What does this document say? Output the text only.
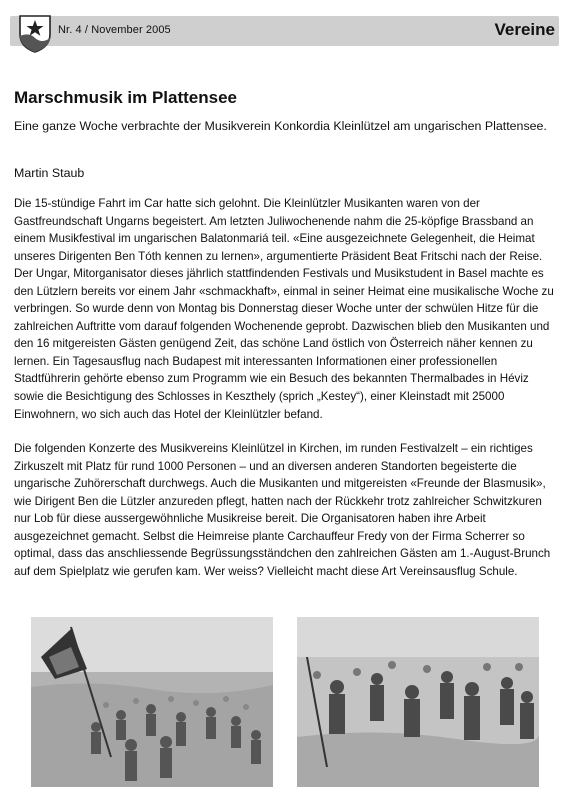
Nr. 4 / November 2005	Vereine
Marschmusik im Plattensee

Eine ganze Woche verbrachte der Musikverein Konkordia Kleinlützel am ungarischen Plattensee.

Martin Staub

Die 15-stündige Fahrt im Car hatte sich gelohnt. Die Kleinlützler Musikanten waren von der Gastfreundschaft Ungarns begeistert. Am letzten Juliwochenende nahm die 25-köpfige Brassband an einem Musikfestival im ungarischen Balatonmariá teil. «Eine ausgezeichnete Gelegenheit, die Heimat unseres Dirigenten Ben Tóth kennen zu lernen», argumentierte Präsident Beat Fritschi nach der Reise. Der Ungar, Mitorganisator dieses jährlich stattfindenden Festivals und Musikstudent in Basel machte es den Lützlern bereits vor einem Jahr «schmackhaft», einmal in seiner Heimat eine musikalische Woche zu verbringen. So wurde denn von Montag bis Donnerstag dieser Woche unter der schwülen Hitze für die zahlreichen Auftritte vom darauf folgenden Wochenende geprobt. Dazwischen blieb den Musikanten und den 16 mitgereisten Gästen genügend Zeit, das schöne Land östlich von Österreich näher kennen zu lernen. Ein Tagesausflug nach Budapest mit interessanten Informationen einer professionellen Stadtführerin gehörte ebenso zum Programm wie ein Besuch des bekannten Thermalbades in Héviz sowie die Besichtigung des Schlosses in Keszthely (sprich „Kestey“), einer Kleinstadt mit 25000 Einwohnern, wo sich auch das Hotel der Kleinlützler befand.

Die folgenden Konzerte des Musikvereins Kleinlützel in Kirchen, im runden Festivalzelt – ein richtiges Zirkuszelt mit Platz für rund 1000 Personen – und an diversen anderen Standorten begeisterte die ungarische Zuhörerschaft durchwegs. Auch die Musikanten und mitgereisten «Freunde der Blasmusik», wie Dirigent Ben die Lützler anzureden pflegt, hatten nach der Rückkehr trotz zahlreicher Schwitzkuren nur Lob für diese aussergewöhnliche Musikreise bereit. Die Organisatoren haben ihre Arbeit ausgezeichnet gemacht. Selbst die Heimreise plante Carchauffeur Fredy von der Firma Scherrer so optimal, dass das anschliessende Begrüssungsständchen den zahlreichen Gästen am 1.-August-Brunch auf dem Spielplatz wie gerufen kam. Wer weiss? Vielleicht macht diese Art Vereinsausflug Schule.
